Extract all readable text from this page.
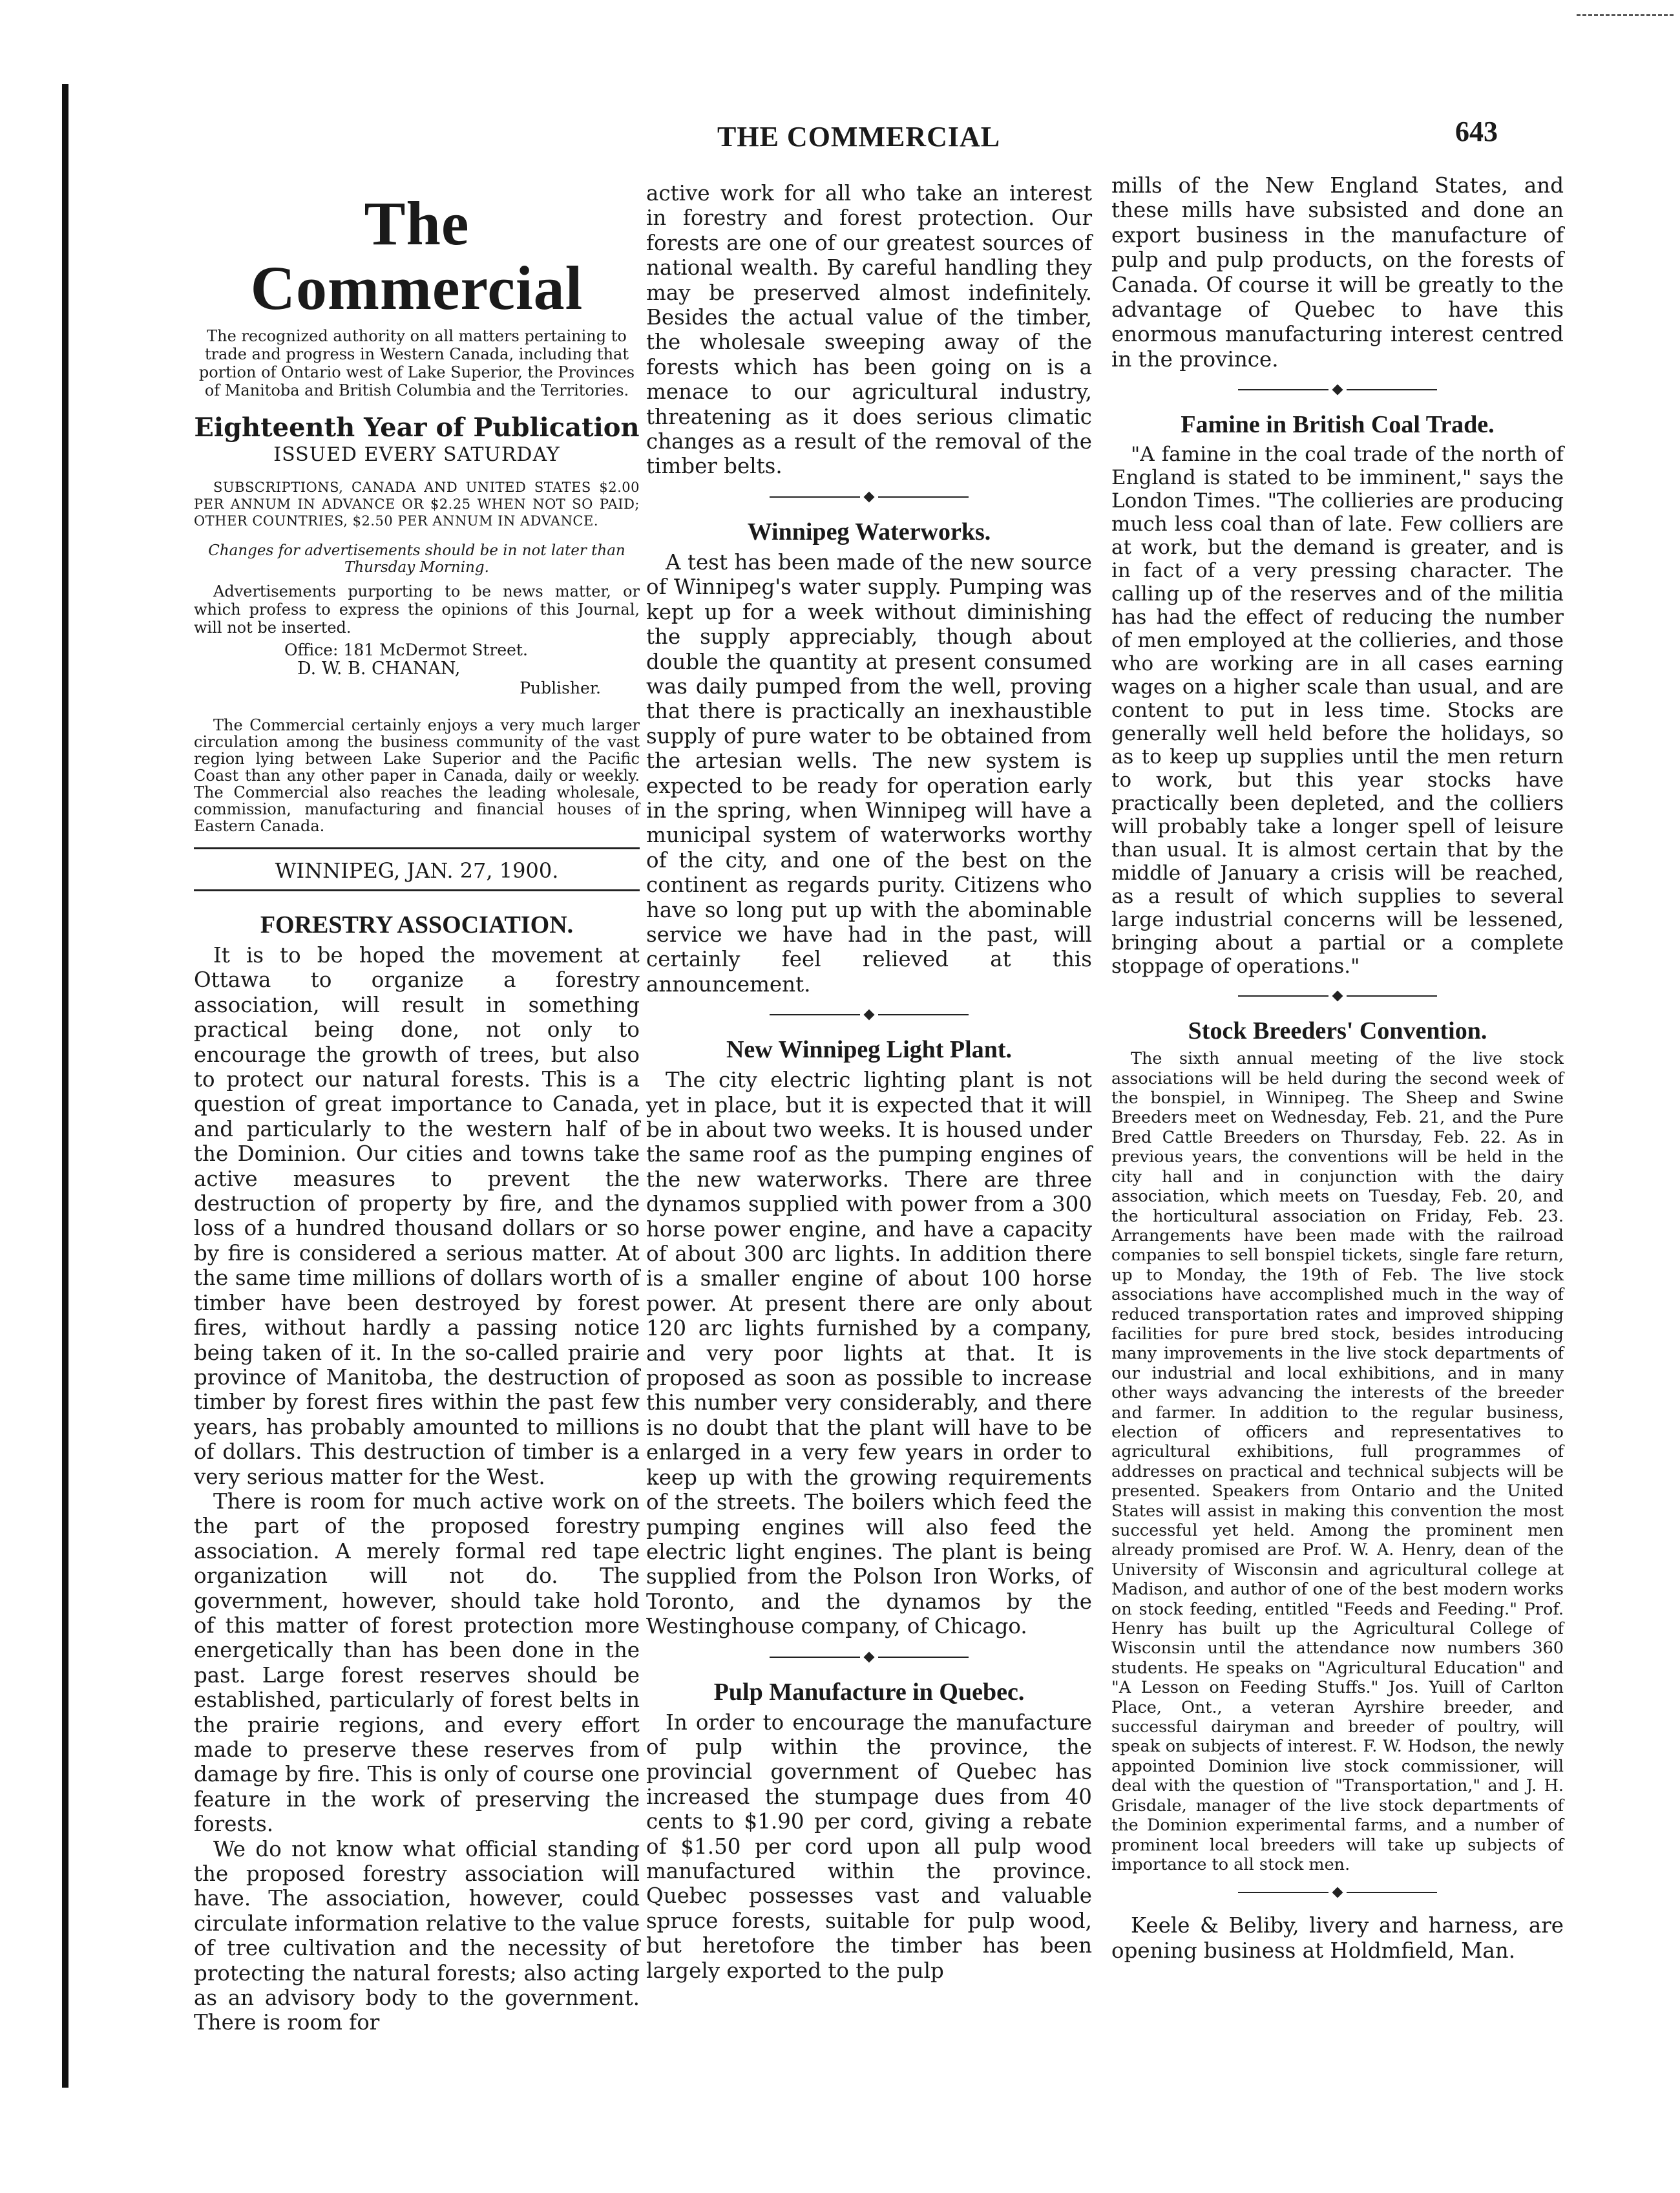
THE COMMERCIAL	643
The Commercial

The recognized authority on all matters pertaining to trade and progress in Western Canada, including that portion of Ontario west of Lake Superior, the Provinces of Manitoba and British Columbia and the Territories.

Eighteenth Year of Publication
ISSUED EVERY SATURDAY

SUBSCRIPTIONS, CANADA AND UNITED STATES $2.00 PER ANNUM IN ADVANCE OR $2.25 WHEN NOT SO PAID; OTHER COUNTRIES, $2.50 PER ANNUM IN ADVANCE.

Changes for advertisements should be in not later than Thursday Morning.

Advertisements purporting to be news matter, or which profess to express the opinions of this Journal, will not be inserted.

Office: 181 McDermot Street.
D. W. B. CHANAN,
Publisher.

The Commercial certainly enjoys a very much larger circulation among the business community of the vast region lying between Lake Superior and the Pacific Coast than any other paper in Canada, daily or weekly. The Commercial also reaches the leading wholesale, commission, manufacturing and financial houses of Eastern Canada.

WINNIPEG, JAN. 27, 1900.
FORESTRY ASSOCIATION.

It is to be hoped the movement at Ottawa to organize a forestry association, will result in something practical being done, not only to encourage the growth of trees, but also to protect our natural forests. This is a question of great importance to Canada, and particularly to the western half of the Dominion. Our cities and towns take active measures to prevent the destruction of property by fire, and the loss of a hundred thousand dollars or so by fire is considered a serious matter. At the same time millions of dollars worth of timber have been destroyed by forest fires, without hardly a passing notice being taken of it. In the so-called prairie province of Manitoba, the destruction of timber by forest fires within the past few years, has probably amounted to millions of dollars. This destruction of timber is a very serious matter for the West.

There is room for much active work on the part of the proposed forestry association. A merely formal red tape organization will not do. The government, however, should take hold of this matter of forest protection more energetically than has been done in the past. Large forest reserves should be established, particularly of forest belts in the prairie regions, and every effort made to preserve these reserves from damage by fire. This is only of course one feature in the work of preserving the forests.

We do not know what official standing the proposed forestry association will have. The association, however, could circulate information relative to the value of tree cultivation and the necessity of protecting the natural forests; also acting as an advisory body to the government. There is room for

active work for all who take an interest in forestry and forest protection. Our forests are one of our greatest sources of national wealth. By careful handling they may be preserved almost indefinitely. Besides the actual value of the timber, the wholesale sweeping away of the forests which has been going on is a menace to our agricultural industry, threatening as it does serious climatic changes as a result of the removal of the timber belts.

Winnipeg Waterworks.

A test has been made of the new source of Winnipeg's water supply. Pumping was kept up for a week without diminishing the supply appreciably, though about double the quantity at present consumed was daily pumped from the well, proving that there is practically an inexhaustible supply of pure water to be obtained from the artesian wells. The new system is expected to be ready for operation early in the spring, when Winnipeg will have a municipal system of waterworks worthy of the city, and one of the best on the continent as regards purity. Citizens who have so long put up with the abominable service we have had in the past, will certainly feel relieved at this announcement.

New Winnipeg Light Plant.

The city electric lighting plant is not yet in place, but it is expected that it will be in about two weeks. It is housed under the same roof as the pumping engines of the new waterworks. There are three dynamos supplied with power from a 300 horse power engine, and have a capacity of about 300 arc lights. In addition there is a smaller engine of about 100 horse power. At present there are only about 120 arc lights furnished by a company, and very poor lights at that. It is proposed as soon as possible to increase this number very considerably, and there is no doubt that the plant will have to be enlarged in a very few years in order to keep up with the growing requirements of the streets. The boilers which feed the pumping engines will also feed the electric light engines. The plant is being supplied from the Polson Iron Works, of Toronto, and the dynamos by the Westinghouse company, of Chicago.

Pulp Manufacture in Quebec.

In order to encourage the manufacture of pulp within the province, the provincial government of Quebec has increased the stumpage dues from 40 cents to $1.90 per cord, giving a rebate of $1.50 per cord upon all pulp wood manufactured within the province. Quebec possesses vast and valuable spruce forests, suitable for pulp wood, but heretofore the timber has been largely exported to the pulp

mills of the New England States, and these mills have subsisted and done an export business in the manufacture of pulp and pulp products, on the forests of Canada. Of course it will be greatly to the advantage of Quebec to have this enormous manufacturing interest centred in the province.

Famine in British Coal Trade.

"A famine in the coal trade of the north of England is stated to be imminent," says the London Times. "The collieries are producing much less coal than of late. Few colliers are at work, but the demand is greater, and is in fact of a very pressing character. The calling up of the reserves and of the militia has had the effect of reducing the number of men employed at the collieries, and those who are working are in all cases earning wages on a higher scale than usual, and are content to put in less time. Stocks are generally well held before the holidays, so as to keep up supplies until the men return to work, but this year stocks have practically been depleted, and the colliers will probably take a longer spell of leisure than usual. It is almost certain that by the middle of January a crisis will be reached, as a result of which supplies to several large industrial concerns will be lessened, bringing about a partial or a complete stoppage of operations."

Stock Breeders' Convention.

The sixth annual meeting of the live stock associations will be held during the second week of the bonspiel, in Winnipeg. The Sheep and Swine Breeders meet on Wednesday, Feb. 21, and the Pure Bred Cattle Breeders on Thursday, Feb. 22. As in previous years, the conventions will be held in the city hall and in conjunction with the dairy association, which meets on Tuesday, Feb. 20, and the horticultural association on Friday, Feb. 23. Arrangements have been made with the railroad companies to sell bonspiel tickets, single fare return, up to Monday, the 19th of Feb. The live stock associations have accomplished much in the way of reduced transportation rates and improved shipping facilities for pure bred stock, besides introducing many improvements in the live stock departments of our industrial and local exhibitions, and in many other ways advancing the interests of the breeder and farmer. In addition to the regular business, election of officers and representatives to agricultural exhibitions, full programmes of addresses on practical and technical subjects will be presented. Speakers from Ontario and the United States will assist in making this convention the most successful yet held. Among the prominent men already promised are Prof. W. A. Henry, dean of the University of Wisconsin and agricultural college at Madison, and author of one of the best modern works on stock feeding, entitled "Feeds and Feeding." Prof. Henry has built up the Agricultural College of Wisconsin until the attendance now numbers 360 students. He speaks on "Agricultural Education" and "A Lesson on Feeding Stuffs." Jos. Yuill of Carlton Place, Ont., a veteran Ayrshire breeder, and successful dairyman and breeder of poultry, will speak on subjects of interest. F. W. Hodson, the newly appointed Dominion live stock commissioner, will deal with the question of "Transportation," and J. H. Grisdale, manager of the live stock departments of the Dominion experimental farms, and a number of prominent local breeders will take up subjects of importance to all stock men.

Keele & Beliby, livery and harness, are opening business at Holdmfield, Man.
